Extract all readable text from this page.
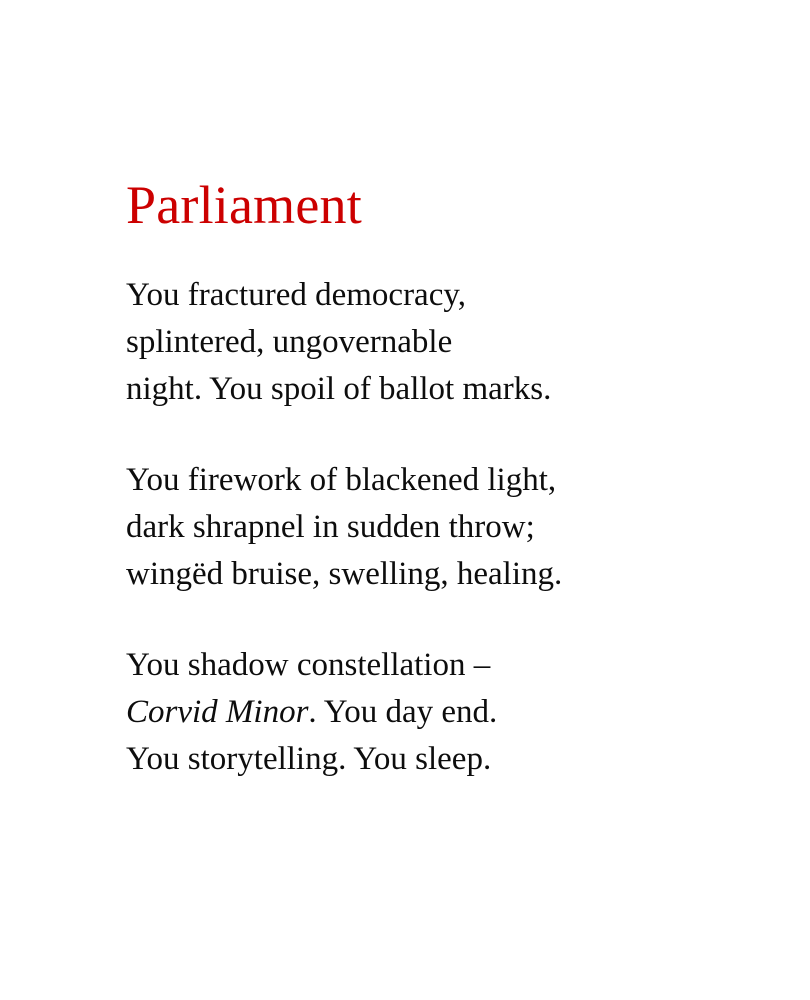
Parliament
You fractured democracy,
splintered, ungovernable
night. You spoil of ballot marks.
You firework of blackened light,
dark shrapnel in sudden throw;
wingëd bruise, swelling, healing.
You shadow constellation –
Corvid Minor. You day end.
You storytelling. You sleep.
